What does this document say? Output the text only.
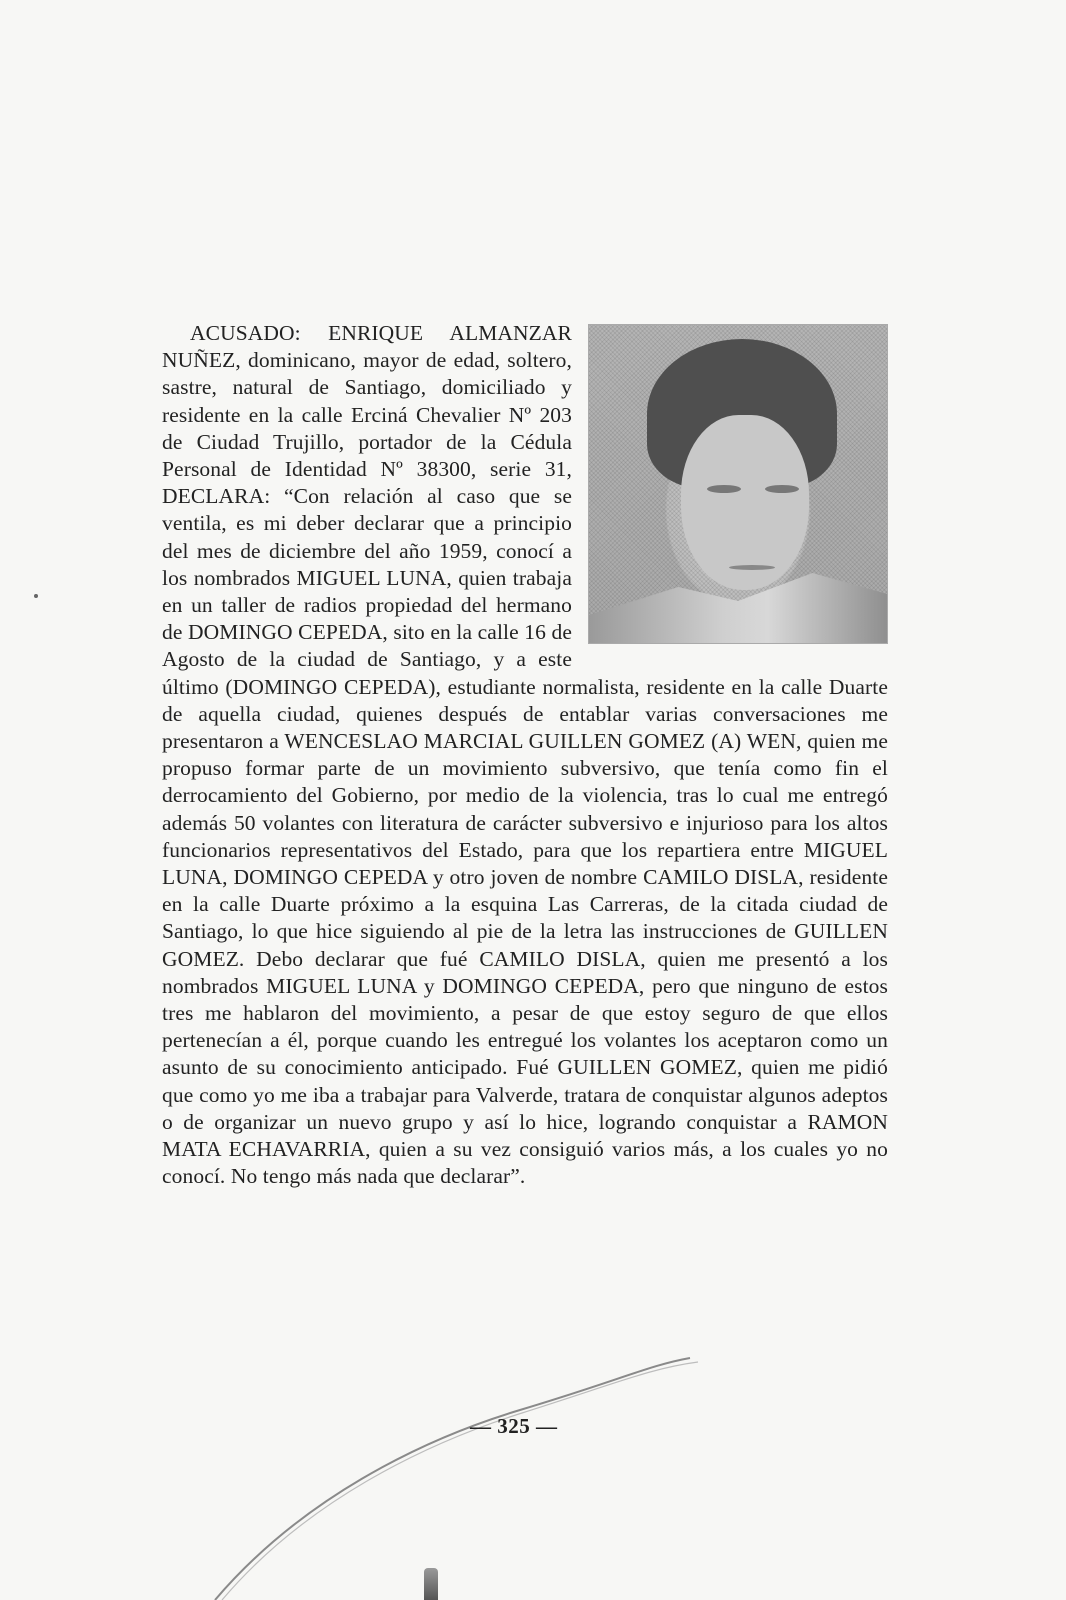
ACUSADO: ENRIQUE ALMANZAR NUÑEZ, dominicano, mayor de edad, soltero, sastre, natural de Santiago, domiciliado y residente en la calle Erciná Chevalier Nº 203 de Ciudad Trujillo, portador de la Cédula Personal de Identidad Nº 38300, serie 31, DECLARA: “Con relación al caso que se ventila, es mi deber declarar que a principio del mes de diciembre del año 1959, conocí a los nombrados MIGUEL LUNA, quien trabaja en un taller de radios propiedad del hermano de DOMINGO CEPEDA, sito en la calle 16 de Agosto de la ciudad de Santiago, y a este último (DOMINGO CEPEDA), estudiante normalista, residente en la calle Duarte de aquella ciudad, quienes después de entablar varias conversaciones me presentaron a WENCESLAO MARCIAL GUILLEN GOMEZ (A) WEN, quien me propuso formar parte de un movimiento subversivo, que tenía como fin el derrocamiento del Gobierno, por medio de la violencia, tras lo cual me entregó además 50 volantes con literatura de carácter subversivo e injurioso para los altos funcionarios representativos del Estado, para que los repartiera entre MIGUEL LUNA, DOMINGO CEPEDA y otro joven de nombre CAMILO DISLA, residente en la calle Duarte próximo a la esquina Las Carreras, de la citada ciudad de Santiago, lo que hice siguiendo al pie de la letra las instrucciones de GUILLEN GOMEZ. Debo declarar que fué CAMILO DISLA, quien me presentó a los nombrados MIGUEL LUNA y DOMINGO CEPEDA, pero que ninguno de estos tres me hablaron del movimiento, a pesar de que estoy seguro de que ellos pertenecían a él, porque cuando les entregué los volantes los aceptaron como un asunto de su conocimiento anticipado. Fué GUILLEN GOMEZ, quien me pidió que como yo me iba a trabajar para Valverde, tratara de conquistar algunos adeptos o de organizar un nuevo grupo y así lo hice, logrando conquistar a RAMON MATA ECHAVARRIA, quien a su vez consiguió varios más, a los cuales yo no conocí. No tengo más nada que declarar”.
— 325 —
